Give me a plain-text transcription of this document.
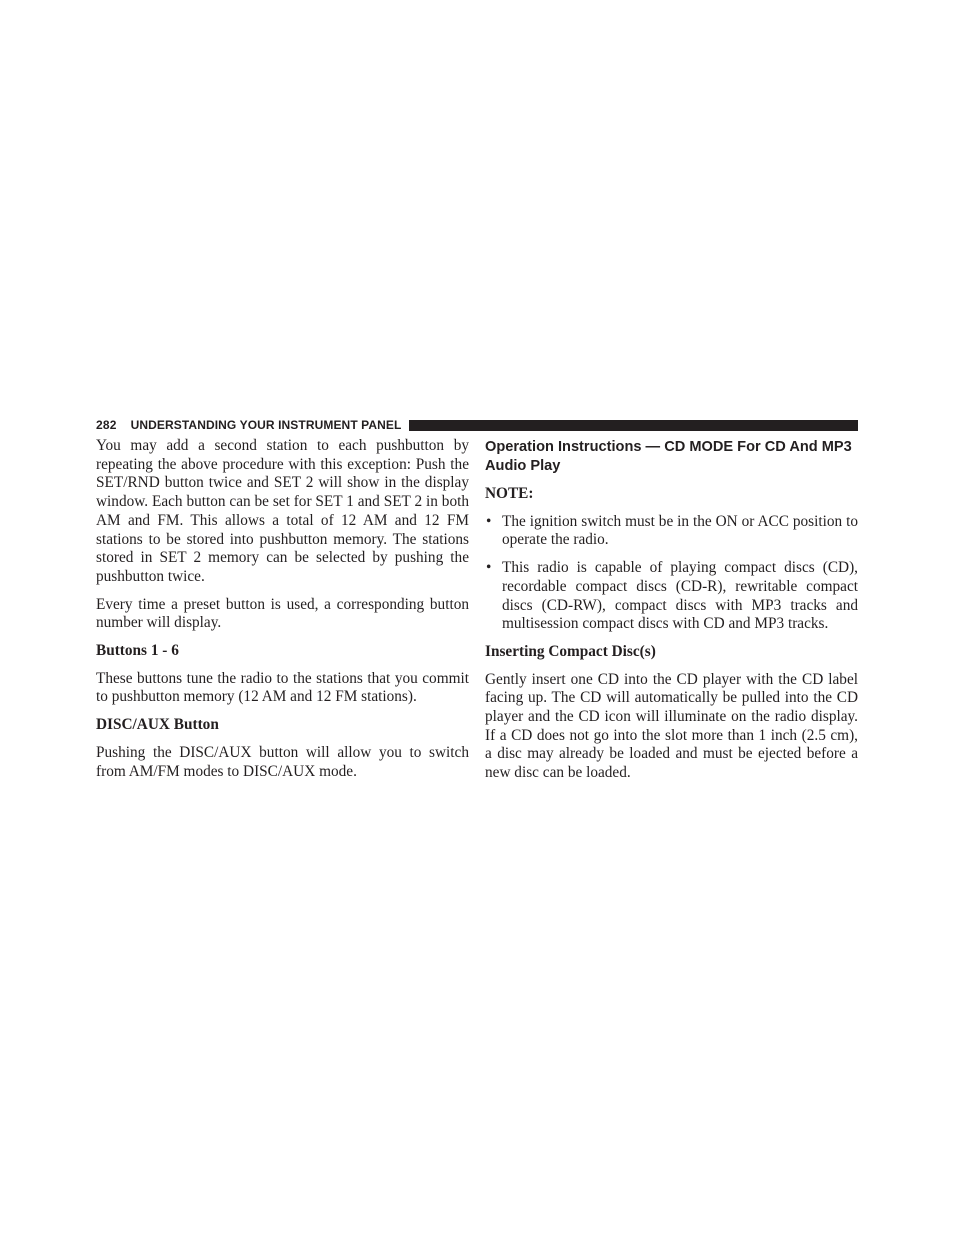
282 UNDERSTANDING YOUR INSTRUMENT PANEL

You may add a second station to each pushbutton by repeating the above procedure with this exception: Push the SET/RND button twice and SET 2 will show in the display window. Each button can be set for SET 1 and SET 2 in both AM and FM. This allows a total of 12 AM and 12 FM stations to be stored into pushbutton memory. The stations stored in SET 2 memory can be selected by pushing the pushbutton twice.

Every time a preset button is used, a corresponding button number will display.

Buttons 1 - 6

These buttons tune the radio to the stations that you commit to pushbutton memory (12 AM and 12 FM stations).

DISC/AUX Button

Pushing the DISC/AUX button will allow you to switch from AM/FM modes to DISC/AUX mode.

Operation Instructions — CD MODE For CD And MP3 Audio Play
NOTE:
• The ignition switch must be in the ON or ACC position to operate the radio.
• This radio is capable of playing compact discs (CD), recordable compact discs (CD-R), rewritable compact discs (CD-RW), compact discs with MP3 tracks and multisession compact discs with CD and MP3 tracks.
Inserting Compact Disc(s)

Gently insert one CD into the CD player with the CD label facing up. The CD will automatically be pulled into the CD player and the CD icon will illuminate on the radio display. If a CD does not go into the slot more than 1 inch (2.5 cm), a disc may already be loaded and must be ejected before a new disc can be loaded.
